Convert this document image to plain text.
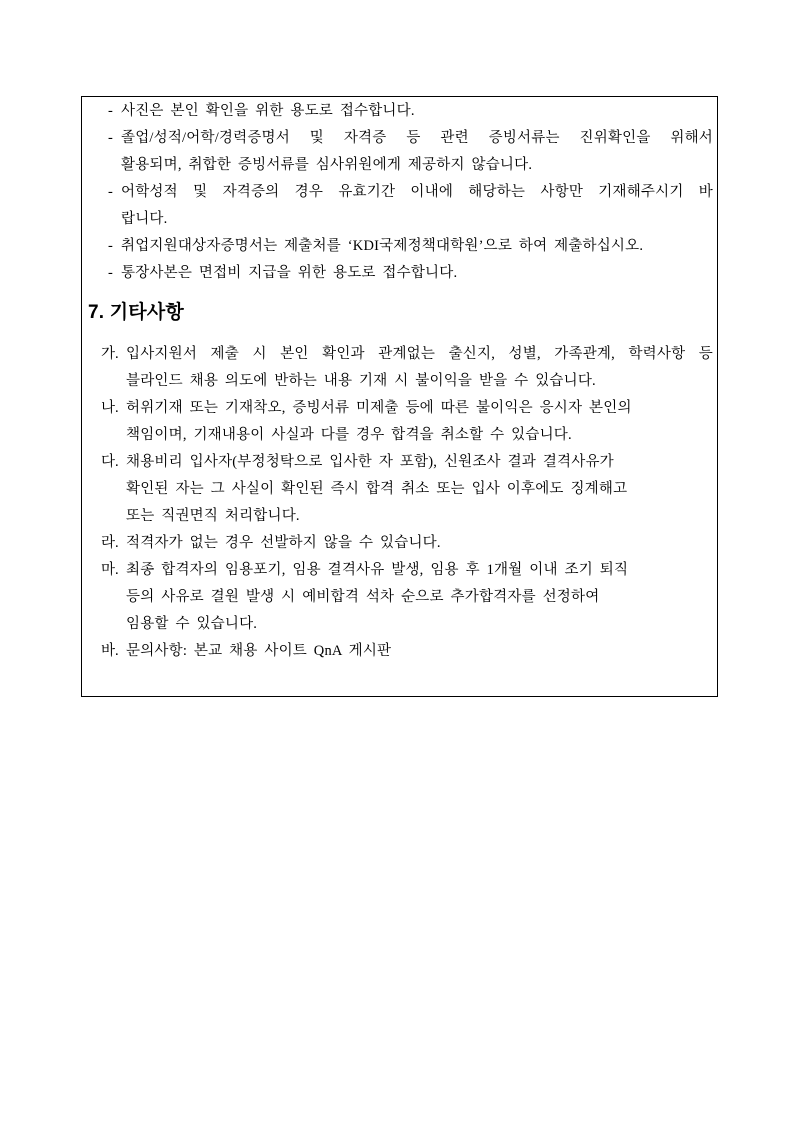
- 사진은 본인 확인을 위한 용도로 접수합니다.
- 졸업/성적/어학/경력증명서 및 자격증 등 관련 증빙서류는 진위확인을 위해서
활용되며, 취합한 증빙서류를 심사위원에게 제공하지 않습니다.
- 어학성적 및 자격증의 경우 유효기간 이내에 해당하는 사항만 기재해주시기 바
랍니다.
- 취업지원대상자증명서는 제출처를 ‘KDI국제정책대학원’으로 하여 제출하십시오.
- 통장사본은 면접비 지급을 위한 용도로 접수합니다.
7. 기타사항
가. 입사지원서 제출 시 본인 확인과 관계없는 출신지, 성별, 가족관계, 학력사항 등
블라인드 채용 의도에 반하는 내용 기재 시 불이익을 받을 수 있습니다.
나. 허위기재 또는 기재착오, 증빙서류 미제출 등에 따른 불이익은 응시자 본인의
책임이며, 기재내용이 사실과 다를 경우 합격을 취소할 수 있습니다.
다. 채용비리 입사자(부정청탁으로 입사한 자 포함), 신원조사 결과 결격사유가
확인된 자는 그 사실이 확인된 즉시 합격 취소 또는 입사 이후에도 징계해고
또는 직권면직 처리합니다.
라. 적격자가 없는 경우 선발하지 않을 수 있습니다.
마. 최종 합격자의 임용포기, 임용 결격사유 발생, 임용 후 1개월 이내 조기 퇴직
등의 사유로 결원 발생 시 예비합격 석차 순으로 추가합격자를 선정하여
임용할 수 있습니다.
바. 문의사항: 본교 채용 사이트 QnA 게시판
